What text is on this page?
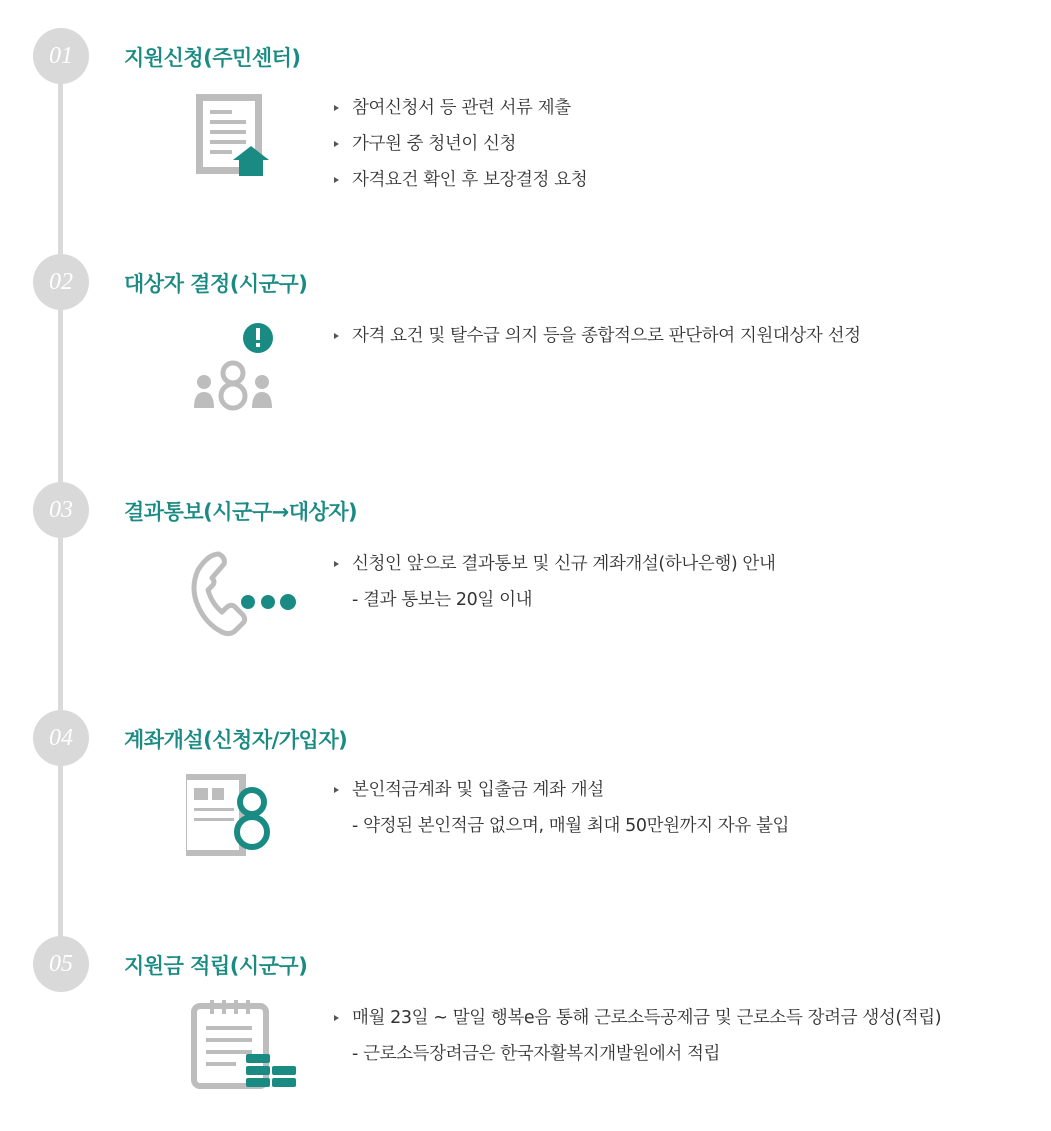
01	지원신청(주민센터)
참여신청서 등 관련 서류 제출
가구원 중 청년이 신청
자격요건 확인 후 보장결정 요청
02	대상자 결정(시군구)
자격 요건 및 탈수급 의지 등을 종합적으로 판단하여 지원대상자 선정
03	결과통보(시군구→대상자)
신청인 앞으로 결과통보 및 신규 계좌개설(하나은행) 안내
- 결과 통보는 20일 이내
04	계좌개설(신청자/가입자)
본인적금계좌 및 입출금 계좌 개설
- 약정된 본인적금 없으며, 매월 최대 50만원까지 자유 불입
05	지원금 적립(시군구)
매월 23일 ~ 말일 행복e음 통해 근로소득공제금 및 근로소득 장려금 생성(적립)
- 근로소득장려금은 한국자활복지개발원에서 적립
